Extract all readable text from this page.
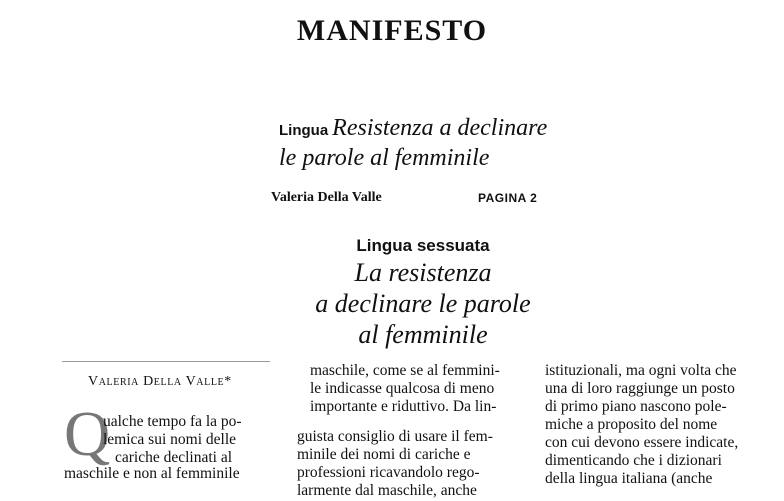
MANIFESTO
Lingua Resistenza a declinare
le parole al femminile
Valeria Della Valle	PAGINA 2
Lingua sessuata
La resistenza
a declinare le parole
al femminile
Valeria Della Valle*
Q
ualche tempo fa la po-
lemica sui nomi delle
cariche declinati al
maschile e non al femminile
maschile, come se al femmini-
le indicasse qualcosa di meno
importante e riduttivo. Da lin-
guista consiglio di usare il fem-
minile dei nomi di cariche e
professioni ricavandolo rego-
larmente dal maschile, anche
istituzionali, ma ogni volta che
una di loro raggiunge un posto
di primo piano nascono pole-
miche a proposito del nome
con cui devono essere indicate,
dimenticando che i dizionari
della lingua italiana (anche
